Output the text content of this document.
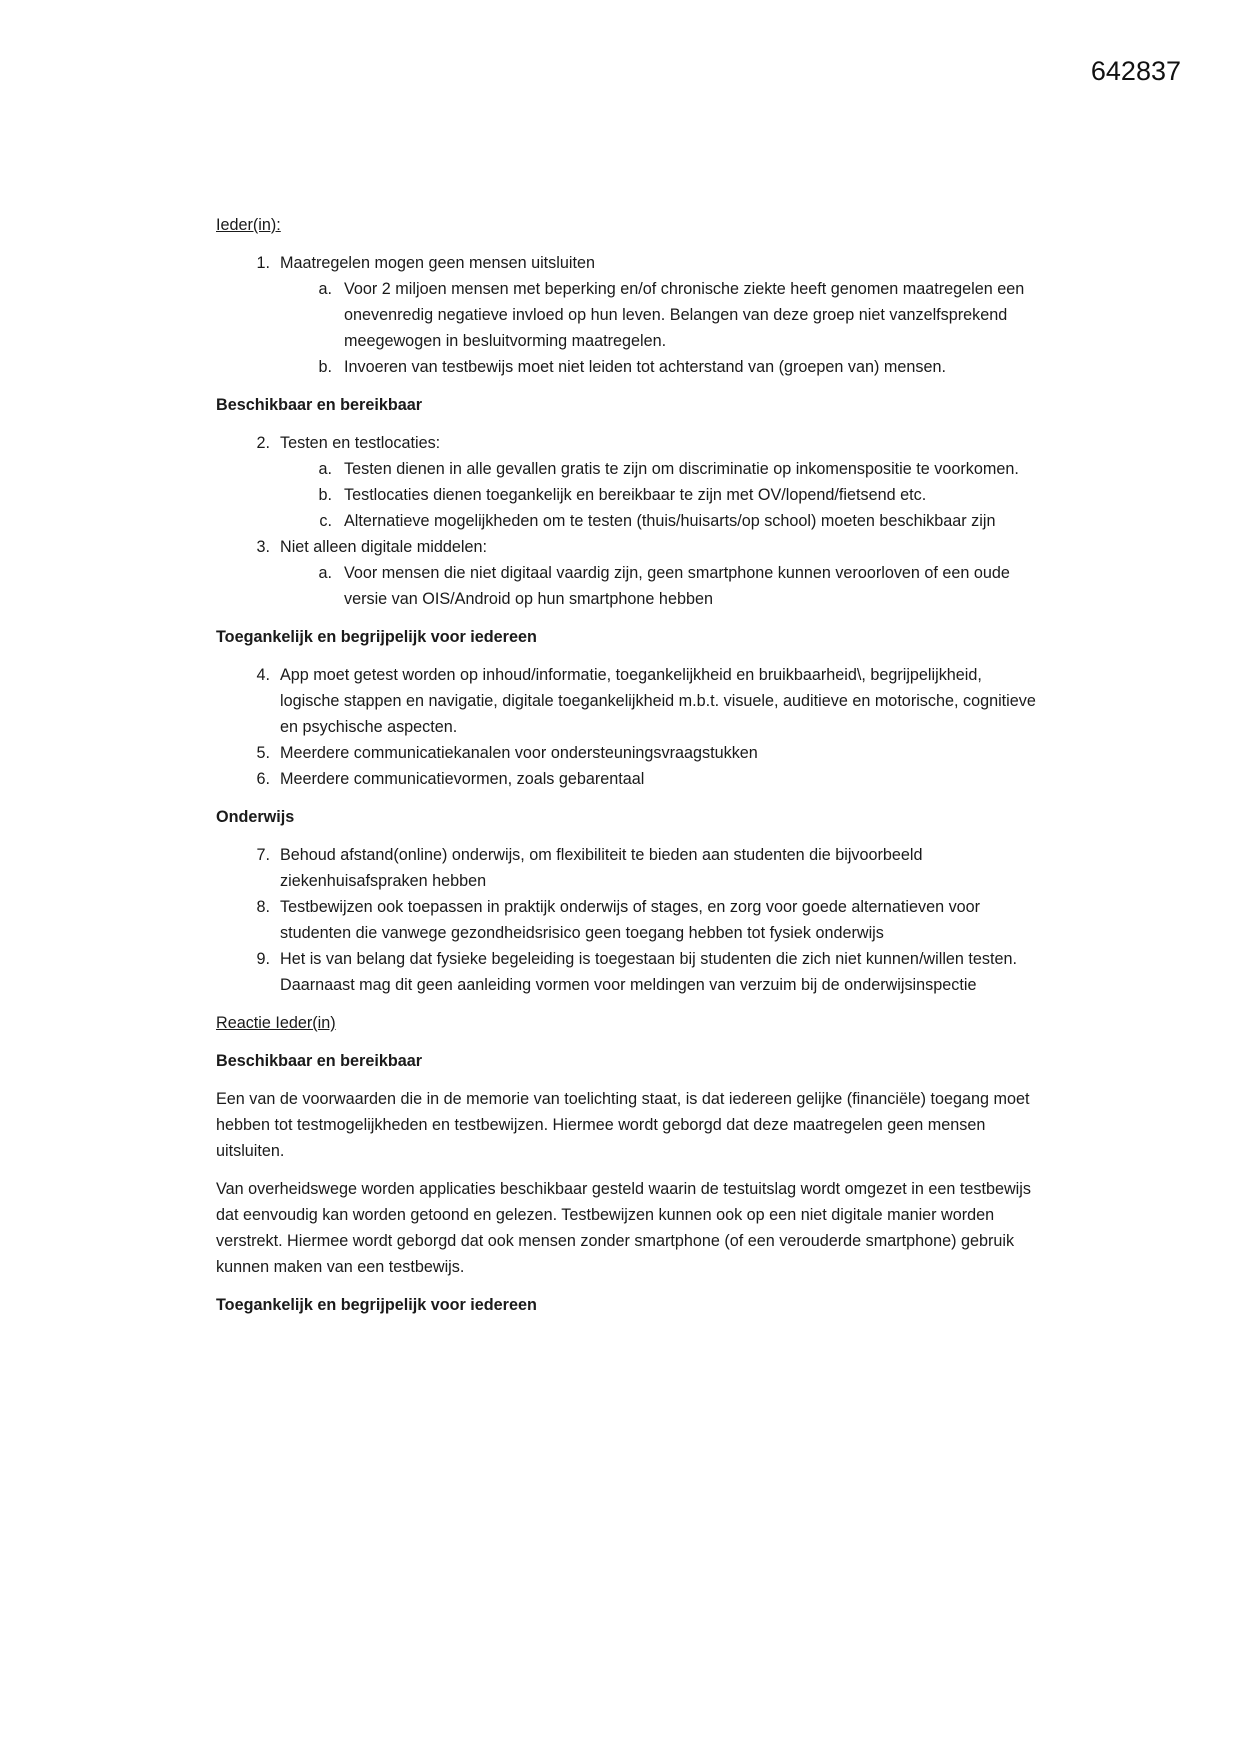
642837
Ieder(in):
1. Maatregelen mogen geen mensen uitsluiten
a. Voor 2 miljoen mensen met beperking en/of chronische ziekte heeft genomen maatregelen een onevenredig negatieve invloed op hun leven. Belangen van deze groep niet vanzelfsprekend meegewogen in besluitvorming maatregelen.
b. Invoeren van testbewijs moet niet leiden tot achterstand van (groepen van) mensen.
Beschikbaar en bereikbaar
2. Testen en testlocaties:
a. Testen dienen in alle gevallen gratis te zijn om discriminatie op inkomenspositie te voorkomen.
b. Testlocaties dienen toegankelijk en bereikbaar te zijn met OV/lopend/fietsend etc.
c. Alternatieve mogelijkheden om te testen (thuis/huisarts/op school) moeten beschikbaar zijn
3. Niet alleen digitale middelen:
a. Voor mensen die niet digitaal vaardig zijn, geen smartphone kunnen veroorloven of een oude versie van OIS/Android op hun smartphone hebben
Toegankelijk en begrijpelijk voor iedereen
4. App moet getest worden op inhoud/informatie, toegankelijkheid en bruikbaarheid\, begrijpelijkheid, logische stappen en navigatie, digitale toegankelijkheid m.b.t. visuele, auditieve en motorische, cognitieve en psychische aspecten.
5. Meerdere communicatiekanalen voor ondersteuningsvraagstukken
6. Meerdere communicatievormen, zoals gebarentaal
Onderwijs
7. Behoud afstand(online) onderwijs, om flexibiliteit te bieden aan studenten die bijvoorbeeld ziekenhuisafspraken hebben
8. Testbewijzen ook toepassen in praktijk onderwijs of stages, en zorg voor goede alternatieven voor studenten die vanwege gezondheidsrisico geen toegang hebben tot fysiek onderwijs
9. Het is van belang dat fysieke begeleiding is toegestaan bij studenten die zich niet kunnen/willen testen. Daarnaast mag dit geen aanleiding vormen voor meldingen van verzuim bij de onderwijsinspectie
Reactie Ieder(in)
Beschikbaar en bereikbaar

Een van de voorwaarden die in de memorie van toelichting staat, is dat iedereen gelijke (financiële) toegang moet hebben tot testmogelijkheden en testbewijzen. Hiermee wordt geborgd dat deze maatregelen geen mensen uitsluiten.

Van overheidswege worden applicaties beschikbaar gesteld waarin de testuitslag wordt omgezet in een testbewijs dat eenvoudig kan worden getoond en gelezen. Testbewijzen kunnen ook op een niet digitale manier worden verstrekt. Hiermee wordt geborgd dat ook mensen zonder smartphone (of een verouderde smartphone) gebruik kunnen maken van een testbewijs.

Toegankelijk en begrijpelijk voor iedereen
